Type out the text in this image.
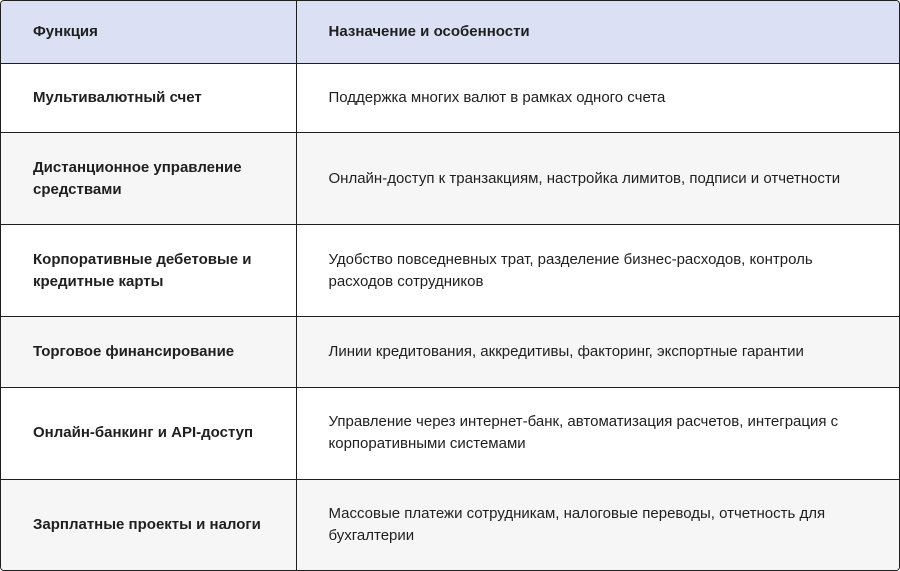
Функция	Назначение и особенности
Мультивалютный счет	Поддержка многих валют в рамках одного счета
Дистанционное управление средствами	Онлайн-доступ к транзакциям, настройка лимитов, подписи и отчетности
Корпоративные дебетовые и кредитные карты	Удобство повседневных трат, разделение бизнес-расходов, контроль расходов сотрудников
Торговое финансирование	Линии кредитования, аккредитивы, факторинг, экспортные гарантии
Онлайн-банкинг и API-доступ	Управление через интернет-банк, автоматизация расчетов, интеграция с корпоративными системами
Зарплатные проекты и налоги	Массовые платежи сотрудникам, налоговые переводы, отчетность для бухгалтерии
